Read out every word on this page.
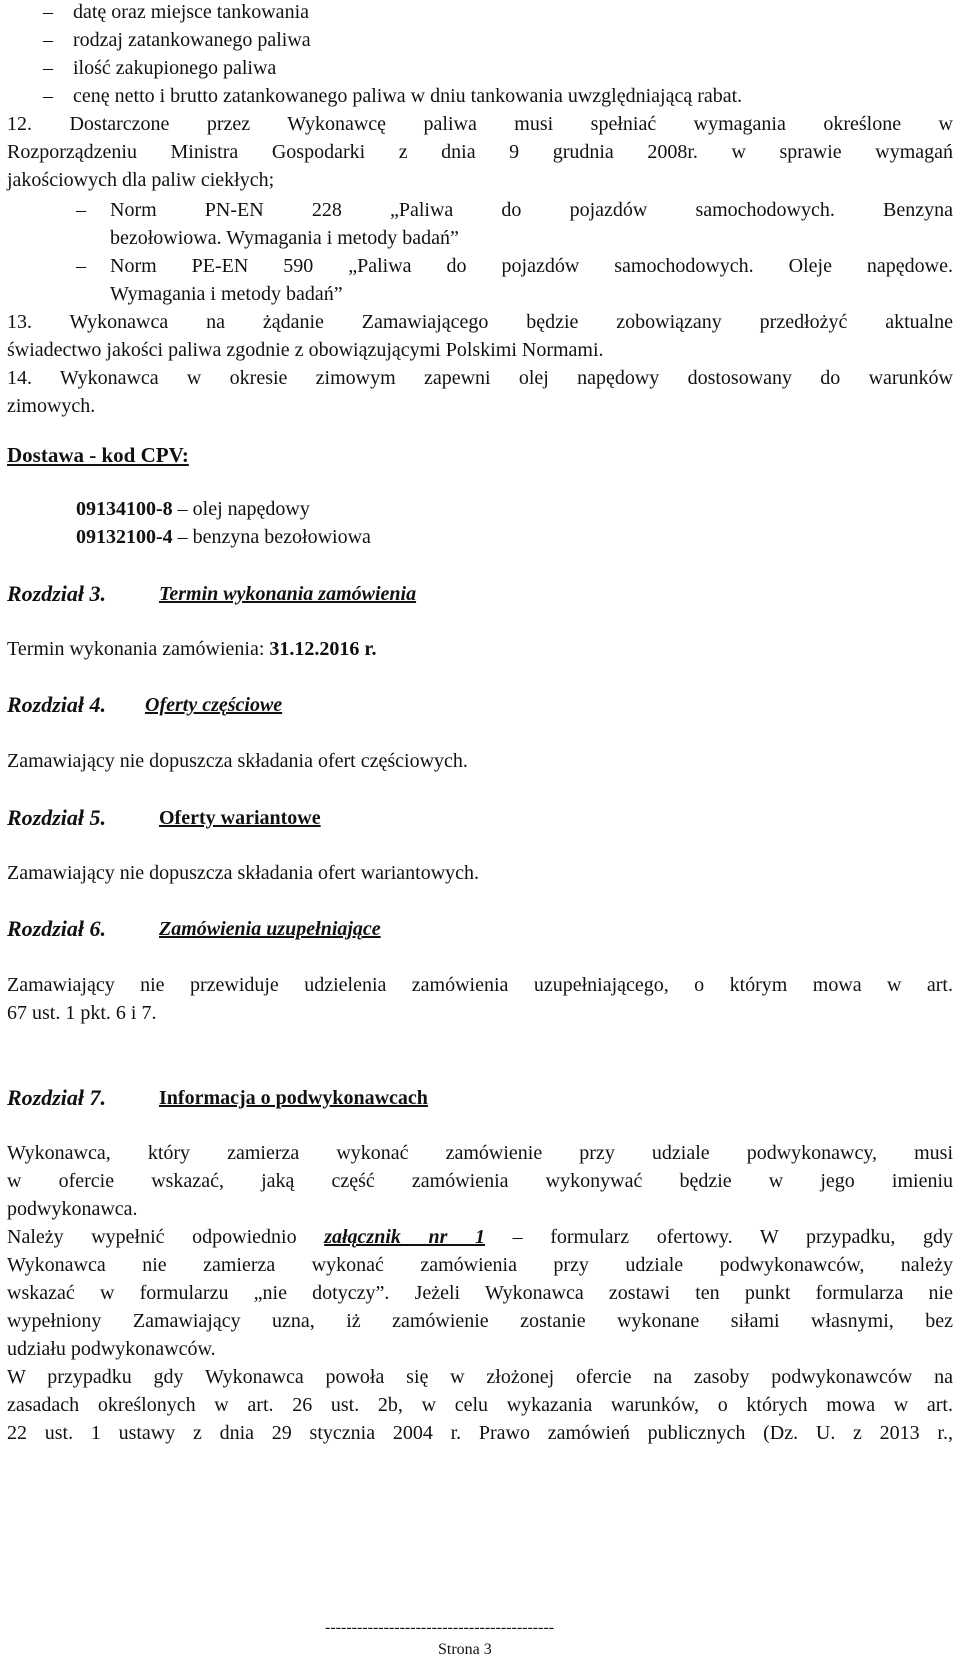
– datę oraz miejsce tankowania
– rodzaj zatankowanego paliwa
– ilość zakupionego paliwa
– cenę netto i brutto zatankowanego paliwa w dniu tankowania uwzględniającą rabat.
12. Dostarczone przez Wykonawcę paliwa musi spełniać wymagania określone w
Rozporządzeniu Ministra Gospodarki z dnia 9 grudnia 2008r. w sprawie wymagań
jakościowych dla paliw ciekłych;
– Norm PN-EN 228 „Paliwa do pojazdów samochodowych. Benzyna
bezołowiowa. Wymagania i metody badań”
– Norm PE-EN 590 „Paliwa do pojazdów samochodowych. Oleje napędowe.
Wymagania i metody badań”
13. Wykonawca na żądanie Zamawiającego będzie zobowiązany przedłożyć aktualne
świadectwo jakości paliwa zgodnie z obowiązującymi Polskimi Normami.
14. Wykonawca w okresie zimowym zapewni olej napędowy dostosowany do warunków
zimowych.
Dostawa - kod CPV:
09134100-8 – olej napędowy
09132100-4 – benzyna bezołowiowa
Rozdział 3.	Termin wykonania zamówienia
Termin wykonania zamówienia: 31.12.2016 r.
Rozdział 4. Oferty częściowe
Zamawiający nie dopuszcza składania ofert częściowych.
Rozdział 5.	Oferty wariantowe
Zamawiający nie dopuszcza składania ofert wariantowych.
Rozdział 6.	Zamówienia uzupełniające
Zamawiający nie przewiduje udzielenia zamówienia uzupełniającego, o którym mowa w art.
67 ust. 1 pkt. 6 i 7.
Rozdział 7.	Informacja o podwykonawcach
Wykonawca, który zamierza wykonać zamówienie przy udziale podwykonawcy, musi
w ofercie wskazać, jaką część zamówienia wykonywać będzie w jego imieniu
podwykonawca.
Należy wypełnić odpowiednio załącznik nr 1 – formularz ofertowy. W przypadku, gdy
Wykonawca nie zamierza wykonać zamówienia przy udziale podwykonawców, należy
wskazać w formularzu „nie dotyczy”. Jeżeli Wykonawca zostawi ten punkt formularza nie
wypełniony Zamawiający uzna, iż zamówienie zostanie wykonane siłami własnymi, bez
udziału podwykonawców.
W przypadku gdy Wykonawca powoła się w złożonej ofercie na zasoby podwykonawców na
zasadach określonych w art. 26 ust. 2b, w celu wykazania warunków, o których mowa w art.
22 ust. 1 ustawy z dnia 29 stycznia 2004 r. Prawo zamówień publicznych (Dz. U. z 2013 r.,
-------------------------------------------
Strona 3
